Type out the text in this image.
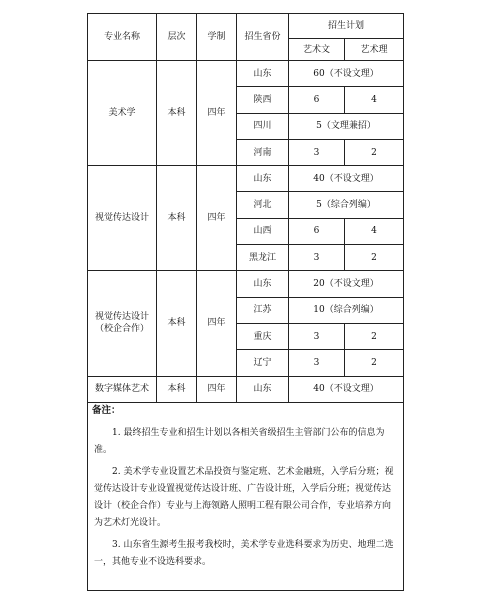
专业名称	层次	学制	招生省份	招生计划	
				艺术文	艺术理
美术学	本科	四年	山东	60（不设文理）	
			陕西	6	4
			四川	5（文理兼招）	
			河南	3	2
视觉传达设计	本科	四年	山东	40（不设文理）	
			河北	5（综合列编）	
			山西	6	4
			黑龙江	3	2
视觉传达设计
（校企合作）	本科	四年	山东	20（不设文理）	
			江苏	10（综合列编）	
			重庆	3	2
			辽宁	3	2
数字媒体艺术	本科	四年	山东	40（不设文理）	

备注：
1. 最终招生专业和招生计划以各相关省级招生主管部门公布的信息为准。
2. 美术学专业设置艺术品投资与鉴定班、艺术金融班，入学后分班；视觉传达设计专业设置视觉传达设计班、广告设计班，入学后分班；视觉传达设计（校企合作）专业与上海领路人照明工程有限公司合作，专业培养方向为艺术灯光设计。
3. 山东省生源考生报考我校时，美术学专业选科要求为历史、地理二选一，其他专业不设选科要求。					
